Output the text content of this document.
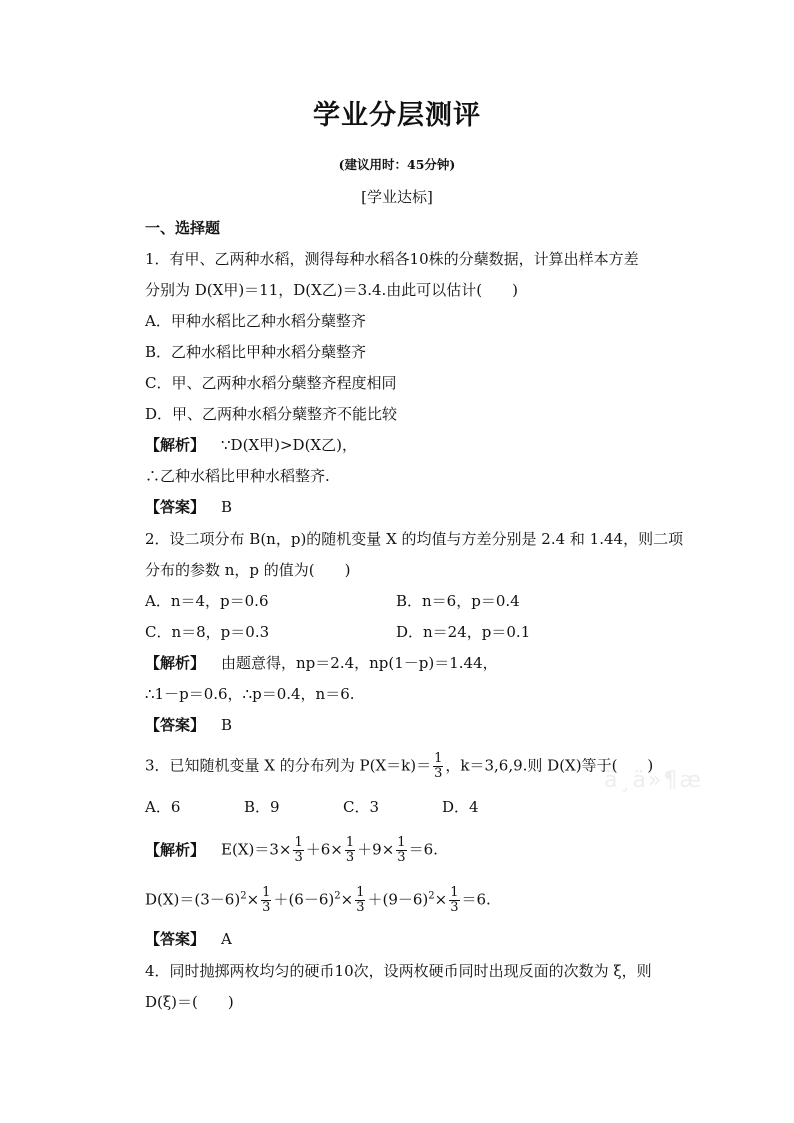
学业分层测评
(建议用时：45分钟)
[学业达标]
一、选择题
1．有甲、乙两种水稻，测得每种水稻各10株的分蘖数据，计算出样本方差
分别为 D(X甲)＝11，D(X乙)＝3.4.由此可以估计(　　)
A．甲种水稻比乙种水稻分蘖整齐
B．乙种水稻比甲种水稻分蘖整齐
C．甲、乙两种水稻分蘖整齐程度相同
D．甲、乙两种水稻分蘖整齐不能比较
【解析】 ∵D(X甲)>D(X乙)，
∴乙种水稻比甲种水稻整齐.
【答案】 B
2．设二项分布 B(n，p)的随机变量 X 的均值与方差分别是 2.4 和 1.44，则二项
分布的参数 n，p 的值为(　　)
A．n＝4，p＝0.6	B．n＝6，p＝0.4
C．n＝8，p＝0.3	D．n＝24，p＝0.1
【解析】 由题意得，np＝2.4，np(1－p)＝1.44，
∴1－p＝0.6，∴p＝0.4，n＝6.
【答案】 B
3．已知随机变量 X 的分布列为 $P(X=k)= \frac{1}{3}$ ，k＝3,6,9.则 D(X)等于(　　)
A．6	B．9	C．3	D．4
【解析】 $E(X)=3\times \frac{1}{3} +6\times \frac{1}{3} +9\times \frac{1}{3} =6$.
$D(X)=(3-6)^2\times \frac{1}{3} +(6-6)^2\times \frac{1}{3} +(9-6)^2\times \frac{1}{3} =6$.
【答案】 A
4．同时抛掷两枚均匀的硬币10次，设两枚硬币同时出现反面的次数为 ξ，则
D(ξ)＝(　　)
ä¸ä»¶æ
